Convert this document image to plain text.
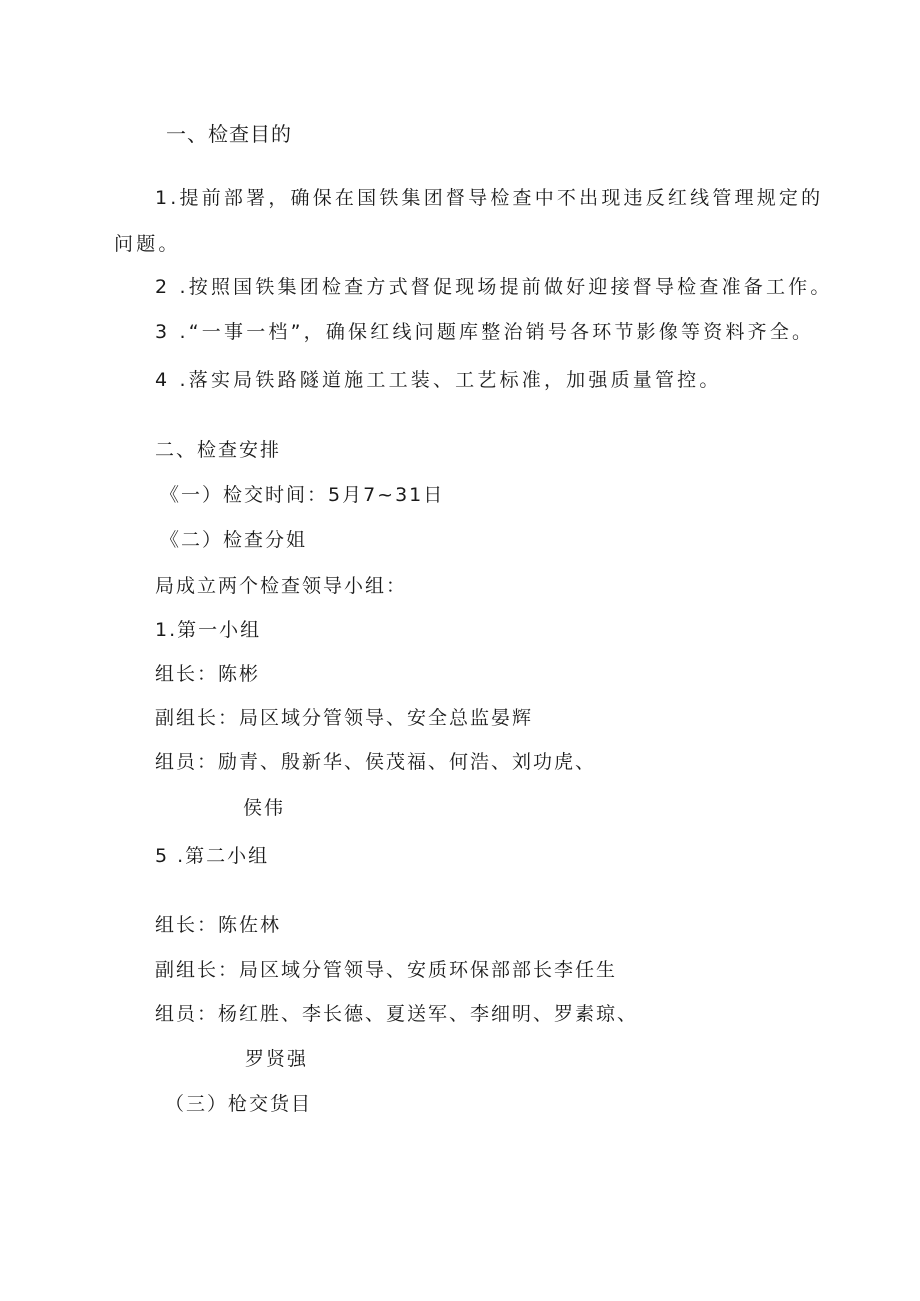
一、检查目的
1.提前部署，确保在国铁集团督导检查中不出现违反红线管理规定的
问题。
2 .按照国铁集团检查方式督促现场提前做好迎接督导检查准备工作。
3 .“一事一档”，确保红线问题库整治销号各环节影像等资料齐全。
4 .落实局铁路隧道施工工装、工艺标准，加强质量管控。
二、检查安排
《一）检交时间：5月7~31日
《二）检查分姐
局成立两个检查领导小组：
1.第一小组
组长：陈彬
副组长：局区域分管领导、安全总监晏辉
组员：励青、殷新华、侯茂福、何浩、刘功虎、
侯伟
5 .第二小组
组长：陈佐林
副组长：局区域分管领导、安质环保部部长李任生
组员：杨红胜、李长德、夏送军、李细明、罗素琼、
罗贤强
（三）枪交货目
